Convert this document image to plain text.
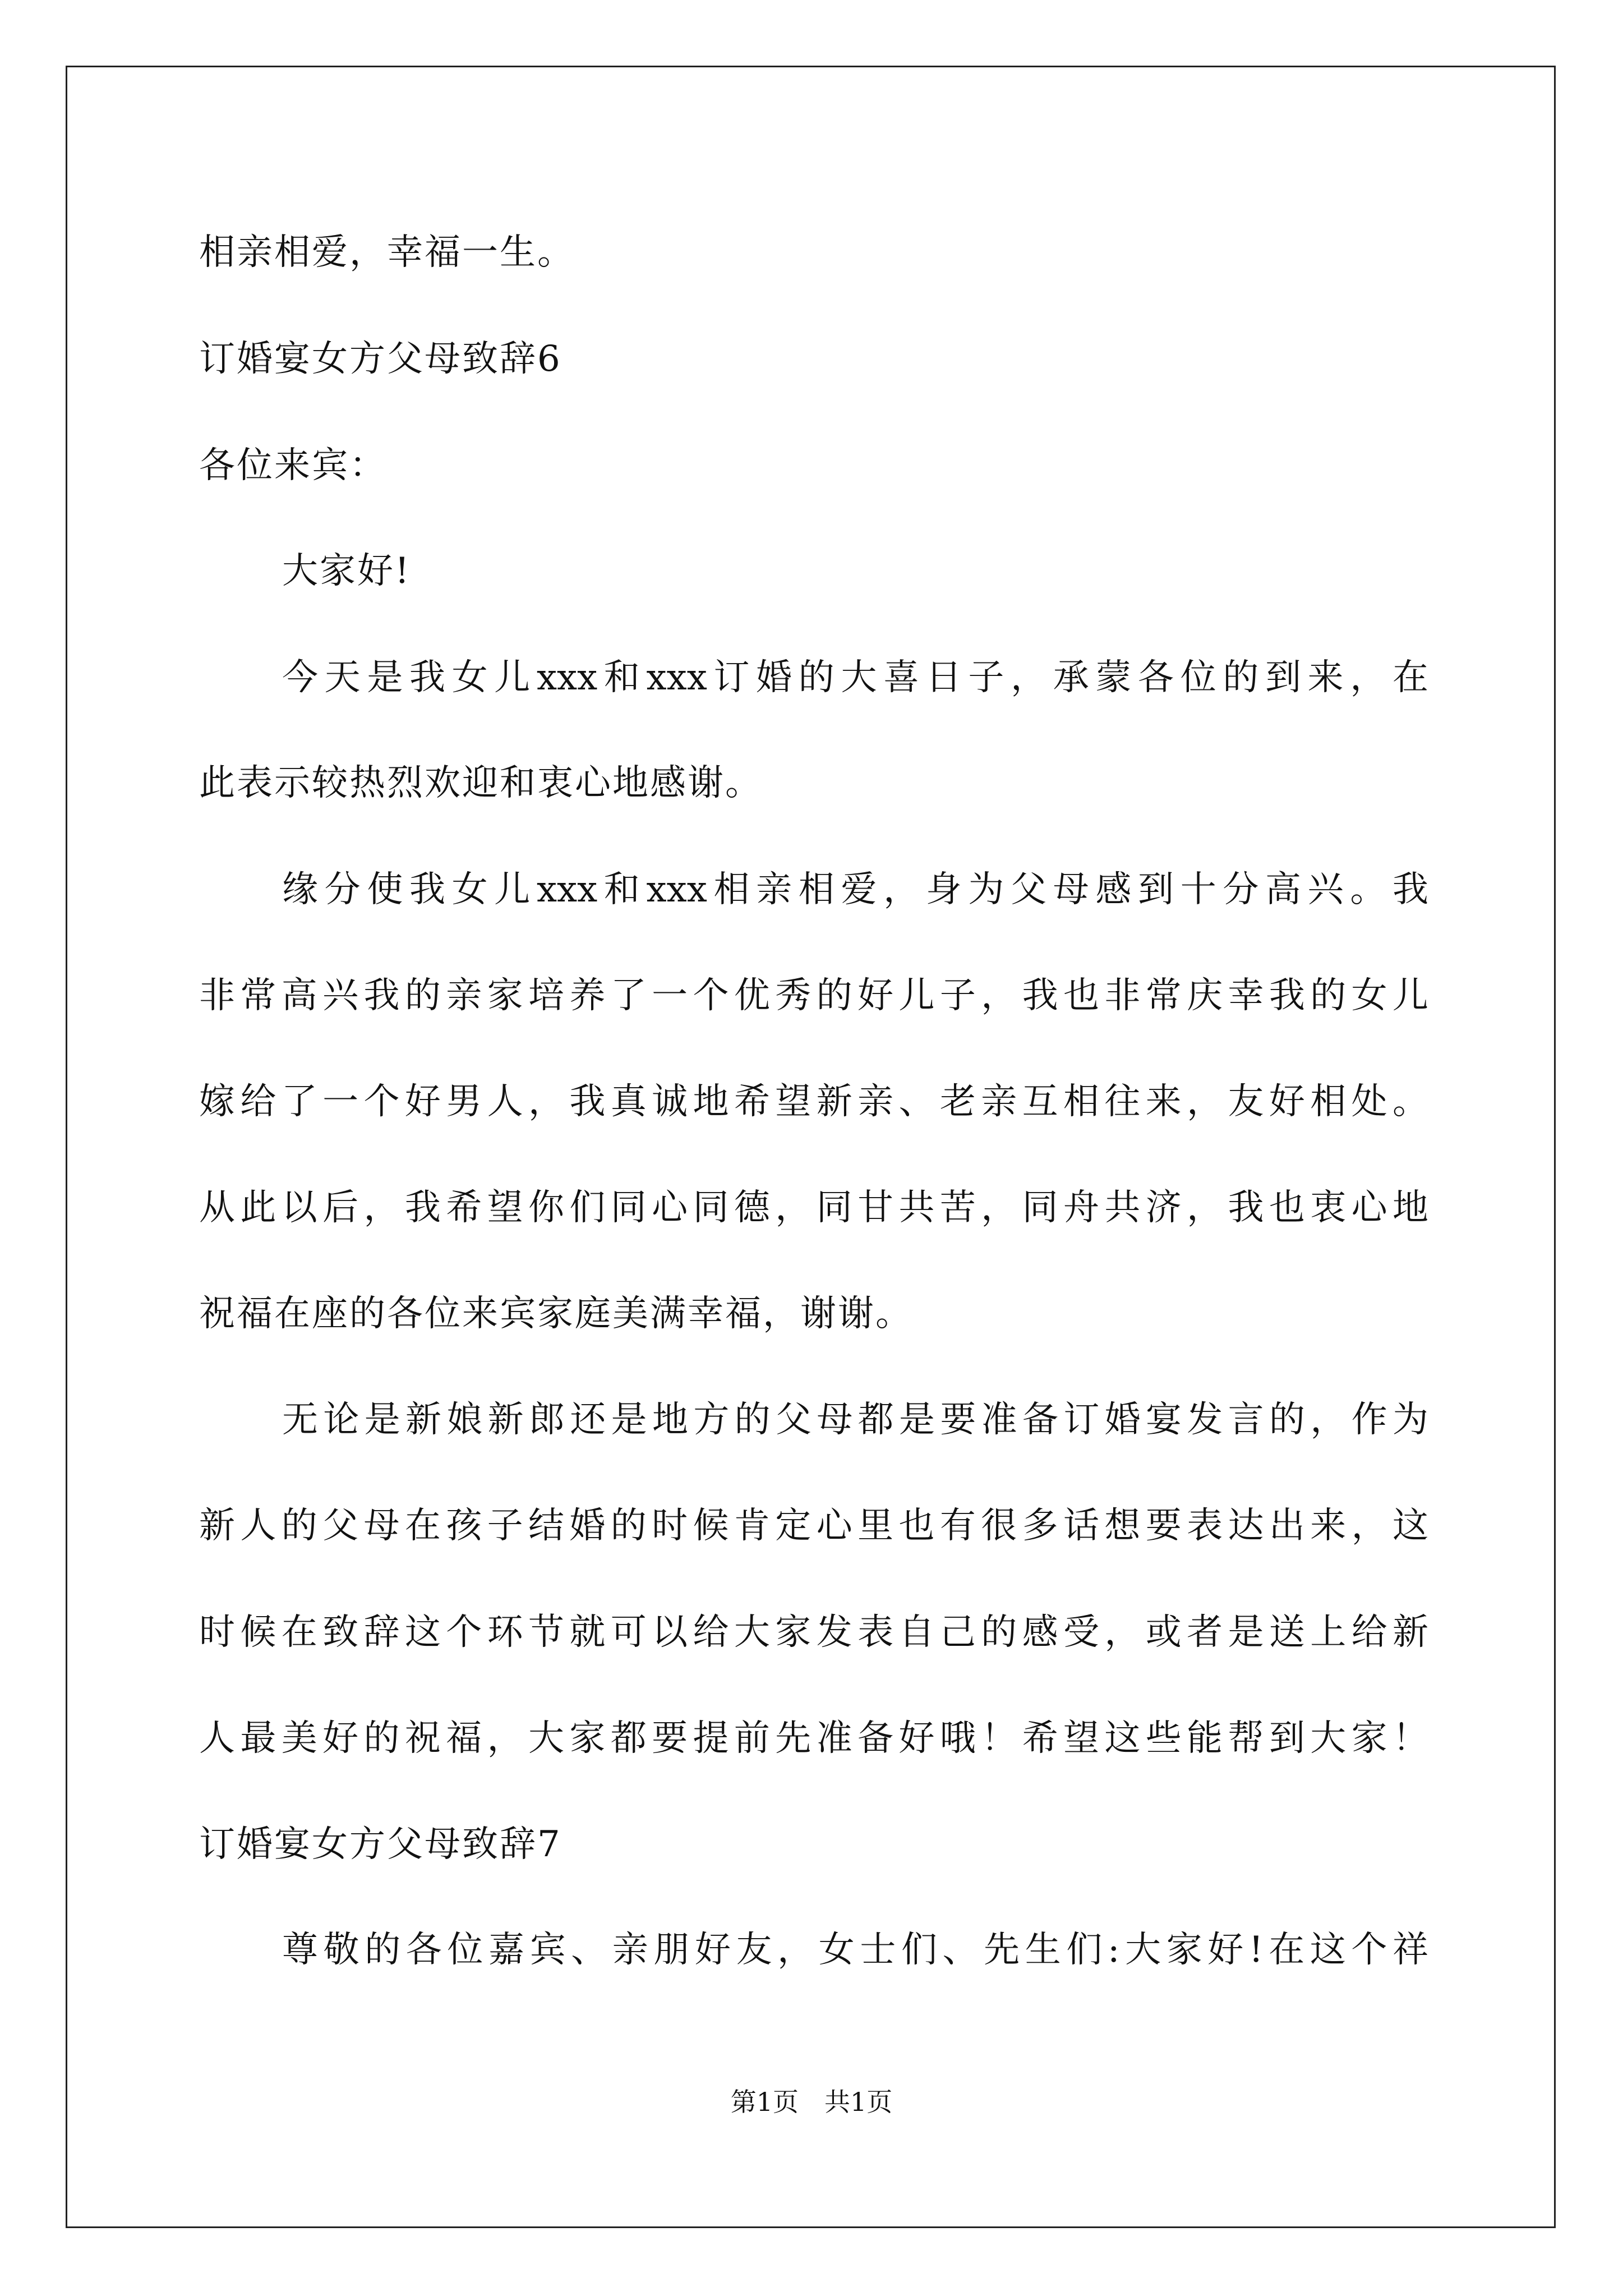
相亲相爱，幸福一生。
订婚宴女方父母致辞6
各位来宾：
大家好!
今天是我女儿xxx和xxx订婚的大喜日子，承蒙各位的到来，在
此表示较热烈欢迎和衷心地感谢。
缘分使我女儿xxx和xxx相亲相爱，身为父母感到十分高兴。我
非常高兴我的亲家培养了一个优秀的好儿子，我也非常庆幸我的女儿
嫁给了一个好男人，我真诚地希望新亲、老亲互相往来，友好相处。
从此以后，我希望你们同心同德，同甘共苦，同舟共济，我也衷心地
祝福在座的各位来宾家庭美满幸福，谢谢。
无论是新娘新郎还是地方的父母都是要准备订婚宴发言的，作为
新人的父母在孩子结婚的时候肯定心里也有很多话想要表达出来，这
时候在致辞这个环节就可以给大家发表自己的感受，或者是送上给新
人最美好的祝福，大家都要提前先准备好哦！希望这些能帮到大家！
订婚宴女方父母致辞7
尊敬的各位嘉宾、亲朋好友，女士们、先生们:大家好!在这个祥
第1页　共1页
